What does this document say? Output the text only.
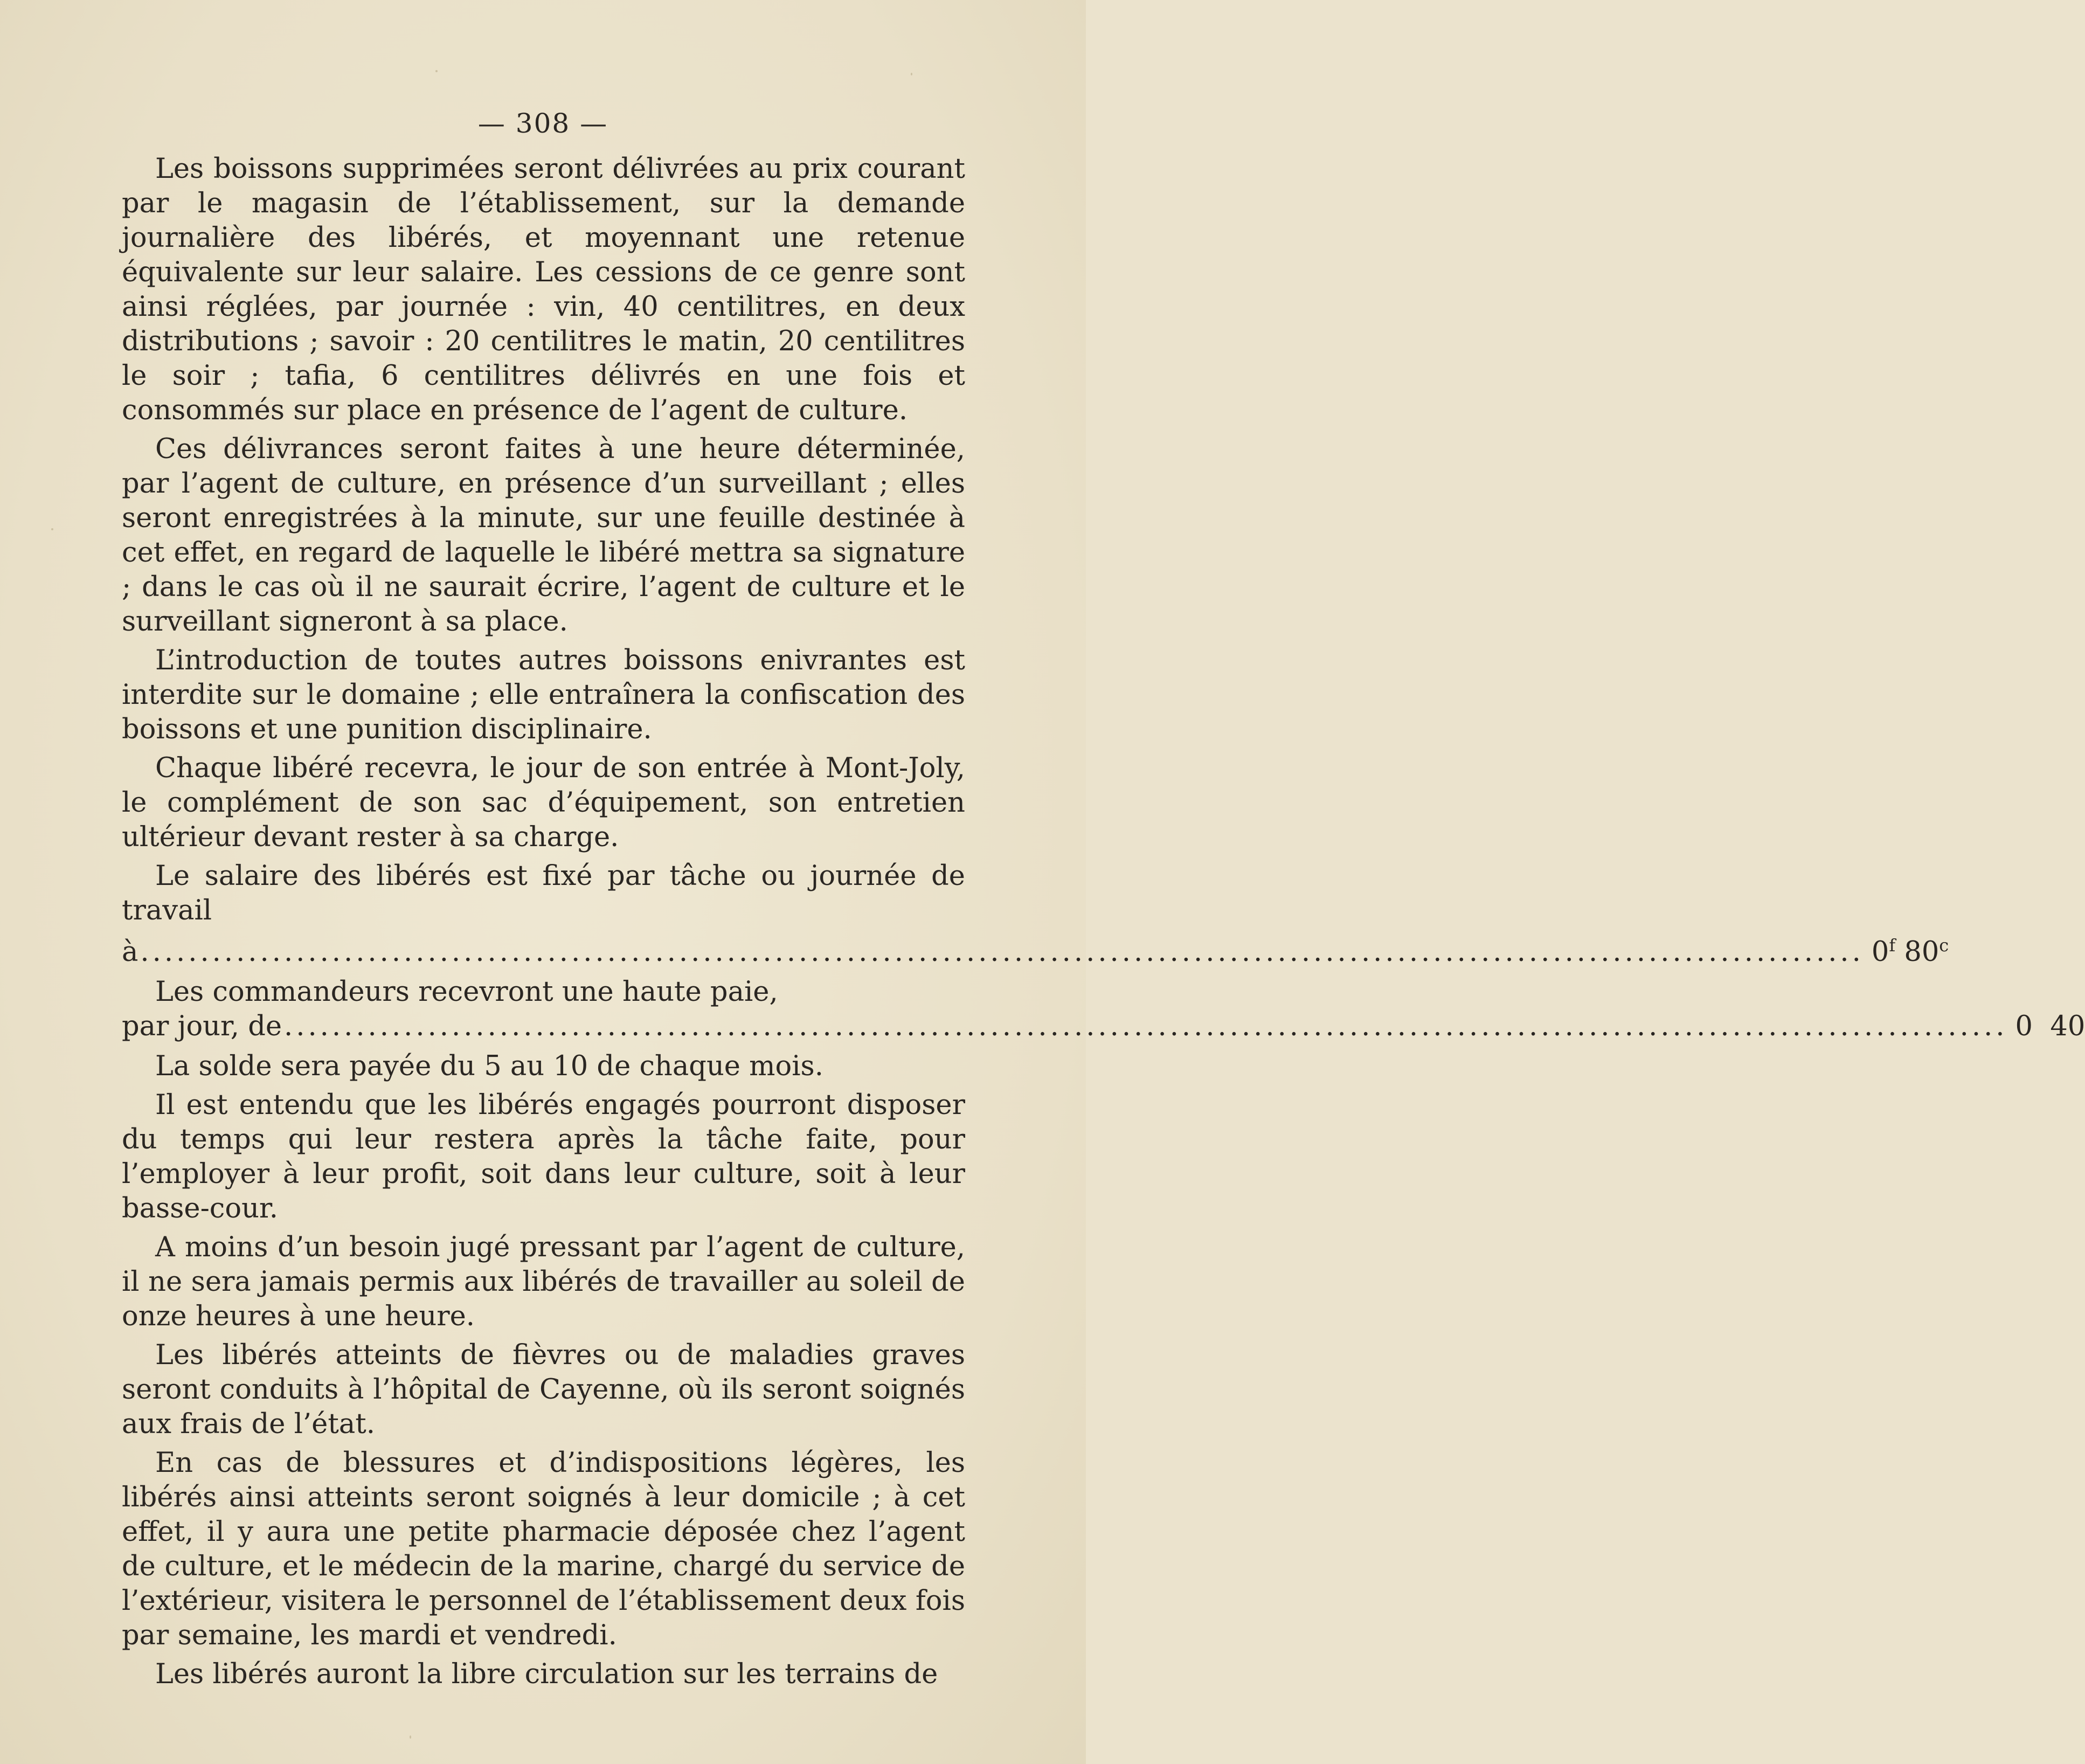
— 308 —

Les boissons supprimées seront délivrées au prix courant par le magasin de l’établissement, sur la demande journalière des libérés, et moyennant une retenue équivalente sur leur salaire. Les cessions de ce genre sont ainsi réglées, par journée : vin, 40 centilitres, en deux distributions ; savoir : 20 centilitres le matin, 20 centilitres le soir ; tafia, 6 centilitres délivrés en une fois et consommés sur place en présence de l’agent de culture.

Ces délivrances seront faites à une heure déterminée, par l’agent de culture, en présence d’un surveillant ; elles seront enregistrées à la minute, sur une feuille destinée à cet effet, en regard de laquelle le libéré mettra sa signature ; dans le cas où il ne saurait écrire, l’agent de culture et le surveillant signeront à sa place.

L’introduction de toutes autres boissons enivrantes est interdite sur le domaine ; elle entraînera la confiscation des boissons et une punition disciplinaire.

Chaque libéré recevra, le jour de son entrée à Mont-Joly, le complément de son sac d’équipement, son entretien ultérieur devant rester à sa charge.

Le salaire des libérés est fixé par tâche ou journée de travail

à ................................................................................................................................................ 0$^f$ 80$^c$

Les commandeurs recevront une haute paie,

par jour, de ................................................................................................................................................ 0  40

La solde sera payée du 5 au 10 de chaque mois.

Il est entendu que les libérés engagés pourront disposer du temps qui leur restera après la tâche faite, pour l’employer à leur profit, soit dans leur culture, soit à leur basse-cour.

A moins d’un besoin jugé pressant par l’agent de culture, il ne sera jamais permis aux libérés de travailler au soleil de onze heures à une heure.

Les libérés atteints de fièvres ou de maladies graves seront conduits à l’hôpital de Cayenne, où ils seront soignés aux frais de l’état.

En cas de blessures et d’indispositions légères, les libérés ainsi atteints seront soignés à leur domicile ; à cet effet, il y aura une petite pharmacie déposée chez l’agent de culture, et le médecin de la marine, chargé du service de l’extérieur, visitera le personnel de l’établissement deux fois par semaine, les mardi et vendredi.

Les libérés auront la libre circulation sur les terrains de
